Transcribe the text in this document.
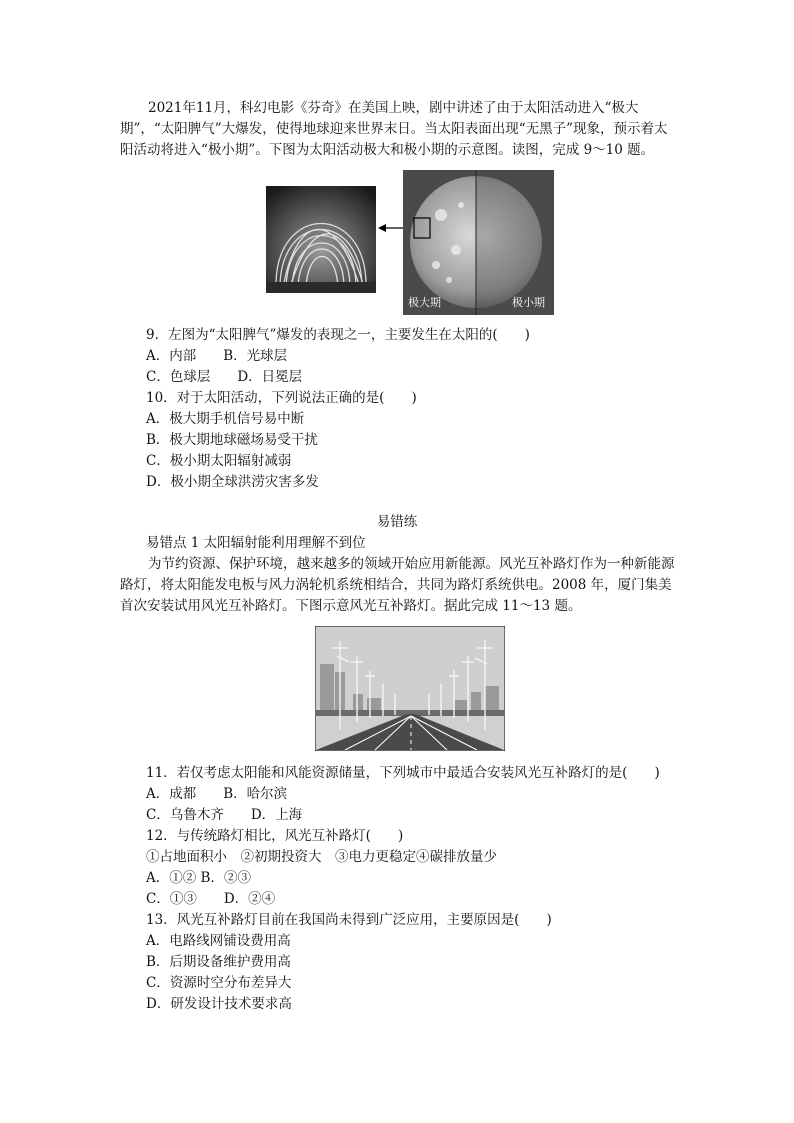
2021年11月，科幻电影《芬奇》在美国上映，剧中讲述了由于太阳活动进入“极大期”，“太阳脾气”大爆发，使得地球迎来世界末日。当太阳表面出现“无黑子”现象，预示着太阳活动将进入“极小期”。下图为太阳活动极大和极小期的示意图。读图，完成 9～10 题。
极大期	极小期
9．左图为“太阳脾气”爆发的表现之一，主要发生在太阳的(　　)
A．内部　　B．光球层
C．色球层　　D．日冕层
10．对于太阳活动，下列说法正确的是(　　)
A．极大期手机信号易中断
B．极大期地球磁场易受干扰
C．极小期太阳辐射减弱
D．极小期全球洪涝灾害多发
易错练
易错点 1 太阳辐射能利用理解不到位
为节约资源、保护环境，越来越多的领域开始应用新能源。风光互补路灯作为一种新能源路灯，将太阳能发电板与风力涡轮机系统相结合，共同为路灯系统供电。2008 年，厦门集美首次安装试用风光互补路灯。下图示意风光互补路灯。据此完成 11～13 题。
11．若仅考虑太阳能和风能资源储量，下列城市中最适合安装风光互补路灯的是(　　)
A．成都　　B．哈尔滨
C．乌鲁木齐　　D．上海
12．与传统路灯相比，风光互补路灯(　　)
①占地面积小　②初期投资大　③电力更稳定④碳排放量少
A．①② B．②③
C．①③　　D．②④
13．风光互补路灯目前在我国尚未得到广泛应用，主要原因是(　　)
A．电路线网铺设费用高
B．后期设备维护费用高
C．资源时空分布差异大
D．研发设计技术要求高
